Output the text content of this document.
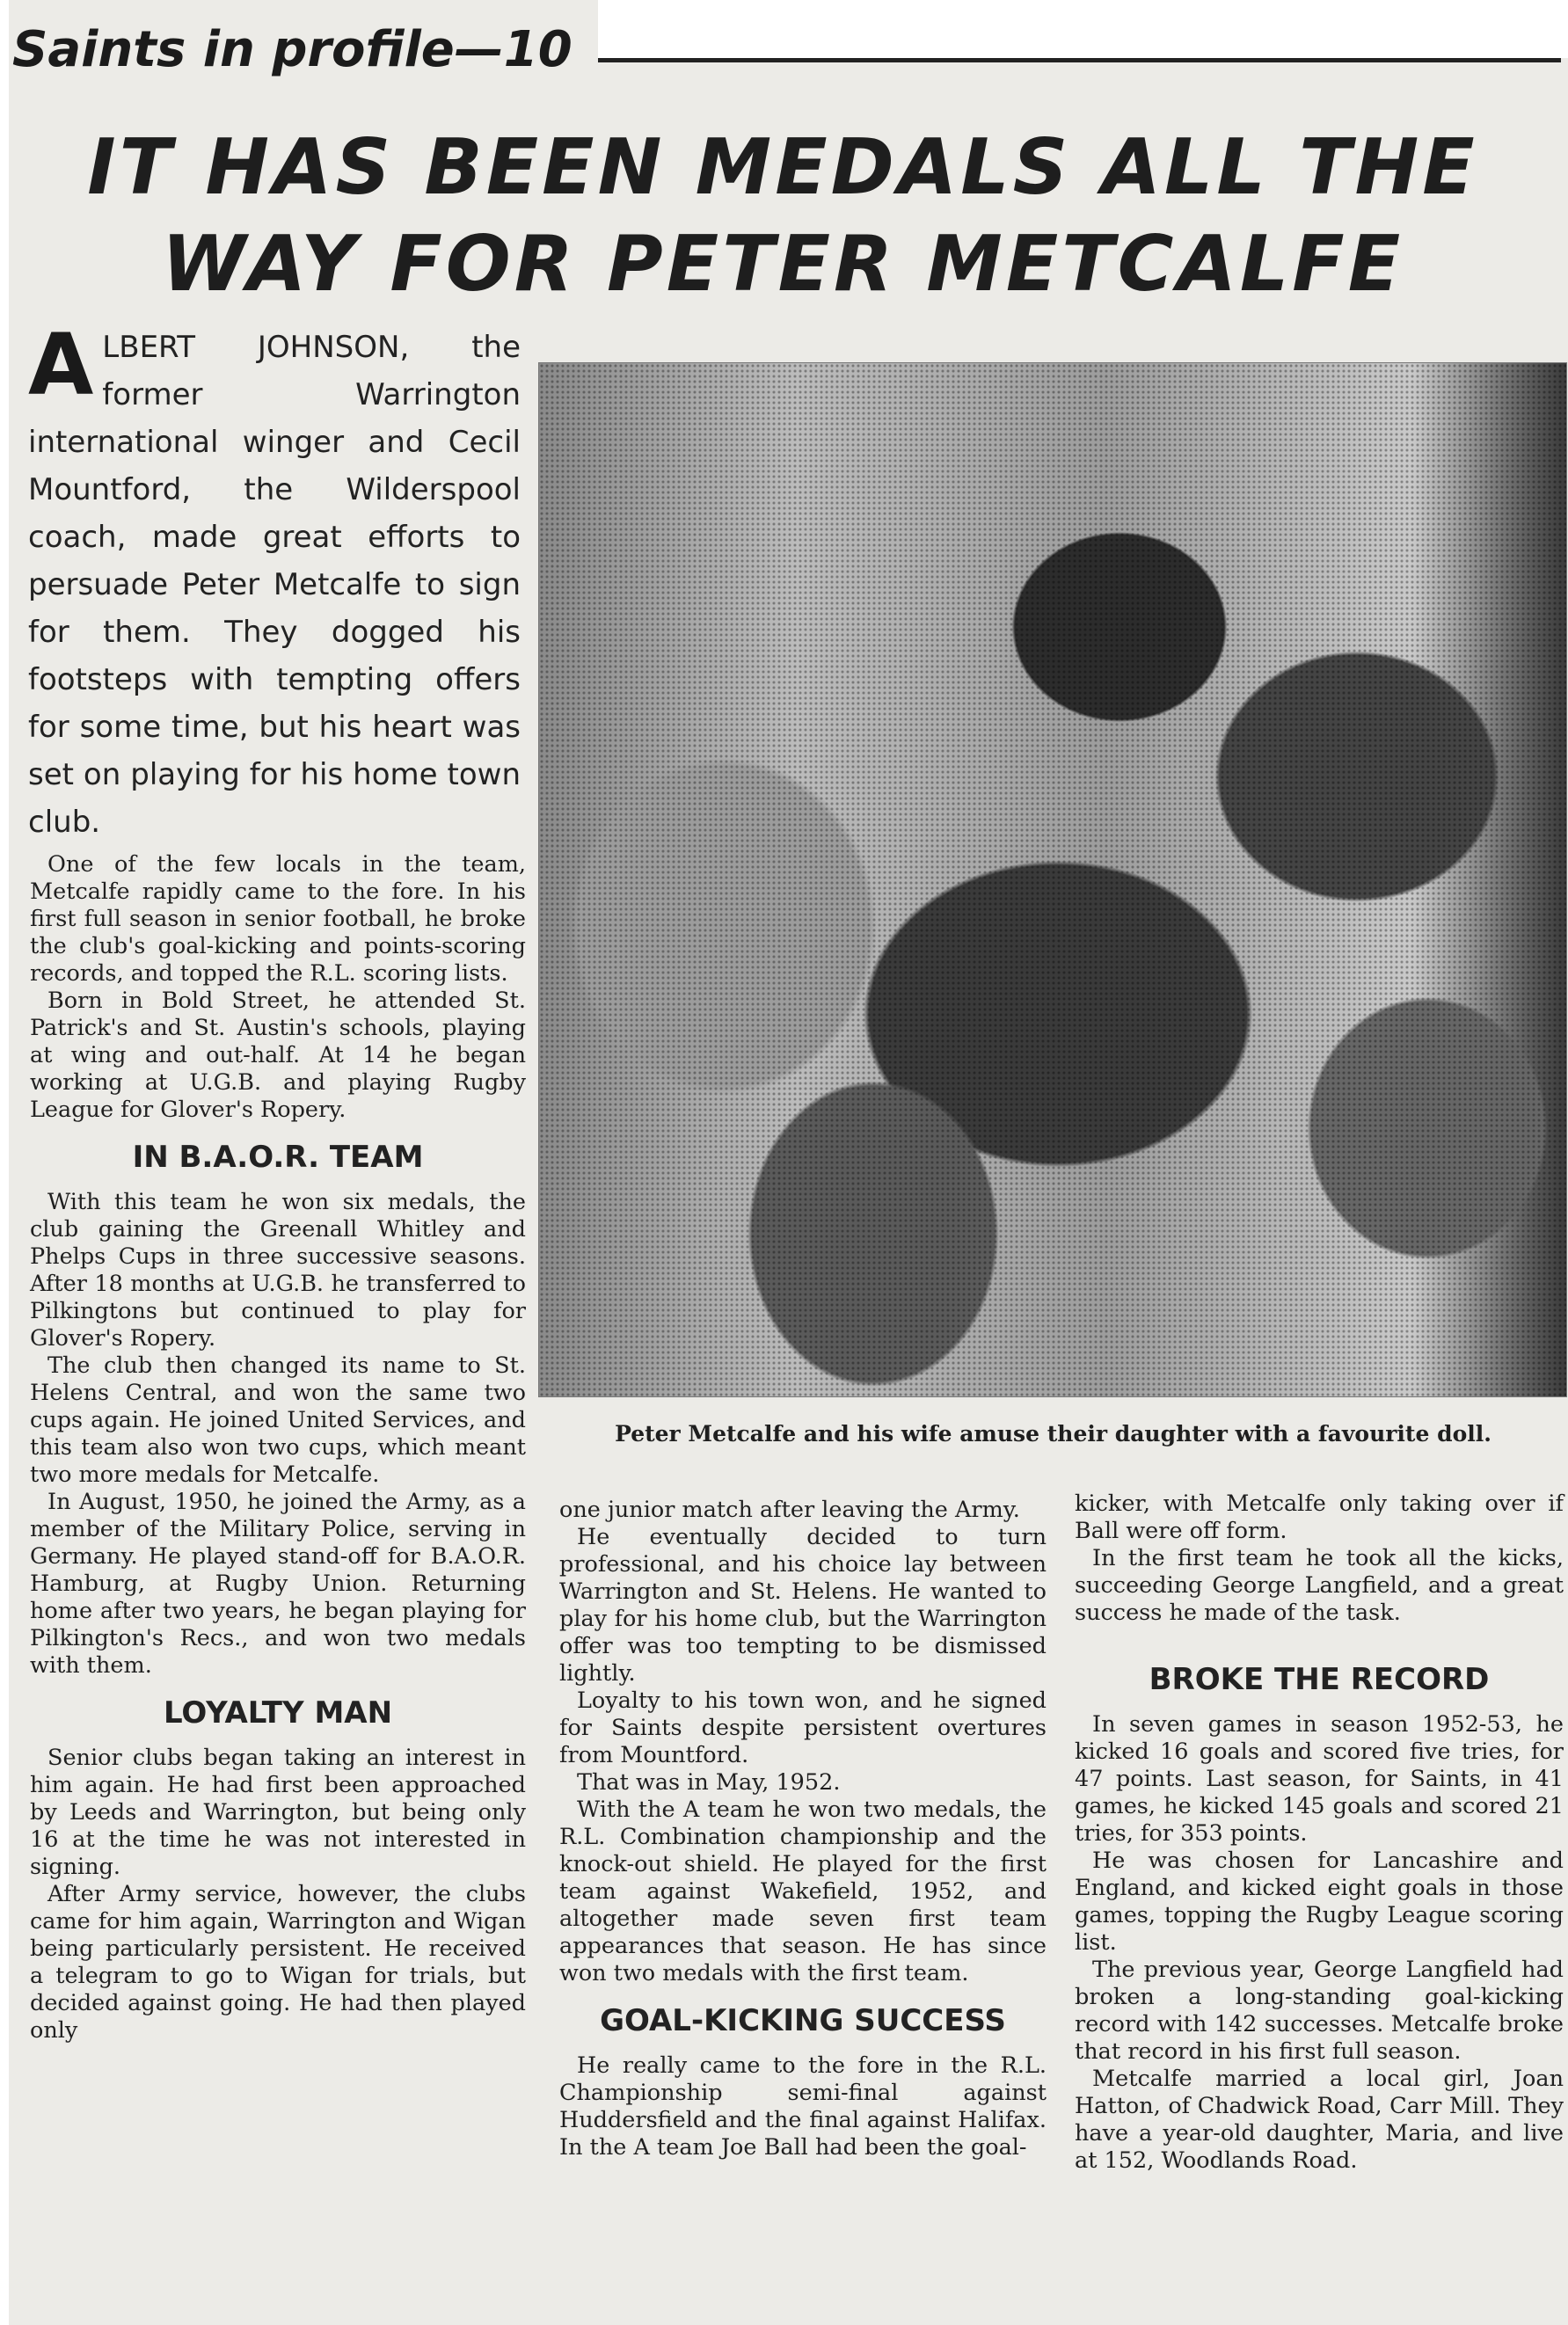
Saints in profile—10
IT HAS BEEN MEDALS ALL THE
WAY FOR PETER METCALFE

ALBERT JOHNSON, the former Warrington international winger and Cecil Mountford, the Wilderspool coach, made great efforts to persuade Peter Metcalfe to sign for them. They dogged his footsteps with tempting offers for some time, but his heart was set on playing for his home town club.

Peter Metcalfe and his wife amuse their daughter with a favourite doll.

One of the few locals in the team, Metcalfe rapidly came to the fore. In his first full season in senior football, he broke the club's goal-kicking and points-scoring records, and topped the R.L. scoring lists.

Born in Bold Street, he attended St. Patrick's and St. Austin's schools, playing at wing and out-half. At 14 he began working at U.G.B. and playing Rugby League for Glover's Ropery.

IN B.A.O.R. TEAM

With this team he won six medals, the club gaining the Greenall Whitley and Phelps Cups in three successive seasons. After 18 months at U.G.B. he transferred to Pilkingtons but continued to play for Glover's Ropery.

The club then changed its name to St. Helens Central, and won the same two cups again. He joined United Services, and this team also won two cups, which meant two more medals for Metcalfe.

In August, 1950, he joined the Army, as a member of the Military Police, serving in Germany. He played stand-off for B.A.O.R. Hamburg, at Rugby Union. Returning home after two years, he began playing for Pilkington's Recs., and won two medals with them.

LOYALTY MAN

Senior clubs began taking an interest in him again. He had first been approached by Leeds and Warrington, but being only 16 at the time he was not interested in signing.

After Army service, however, the clubs came for him again, Warrington and Wigan being particularly persistent. He received a telegram to go to Wigan for trials, but decided against going. He had then played only

one junior match after leaving the Army.

He eventually decided to turn professional, and his choice lay between Warrington and St. Helens. He wanted to play for his home club, but the Warrington offer was too tempting to be dismissed lightly.

Loyalty to his town won, and he signed for Saints despite persistent overtures from Mountford.

That was in May, 1952.

With the A team he won two medals, the R.L. Combination championship and the knock-out shield. He played for the first team against Wakefield, 1952, and altogether made seven first team appearances that season. He has since won two medals with the first team.

GOAL-KICKING SUCCESS

He really came to the fore in the R.L. Championship semi-final against Huddersfield and the final against Halifax. In the A team Joe Ball had been the goal-

kicker, with Metcalfe only taking over if Ball were off form.

In the first team he took all the kicks, succeeding George Langfield, and a great success he made of the task.

BROKE THE RECORD

In seven games in season 1952-53, he kicked 16 goals and scored five tries, for 47 points. Last season, for Saints, in 41 games, he kicked 145 goals and scored 21 tries, for 353 points.

He was chosen for Lancashire and England, and kicked eight goals in those games, topping the Rugby League scoring list.

The previous year, George Langfield had broken a long-standing goal-kicking record with 142 successes. Metcalfe broke that record in his first full season.

Metcalfe married a local girl, Joan Hatton, of Chadwick Road, Carr Mill. They have a year-old daughter, Maria, and live at 152, Woodlands Road.
